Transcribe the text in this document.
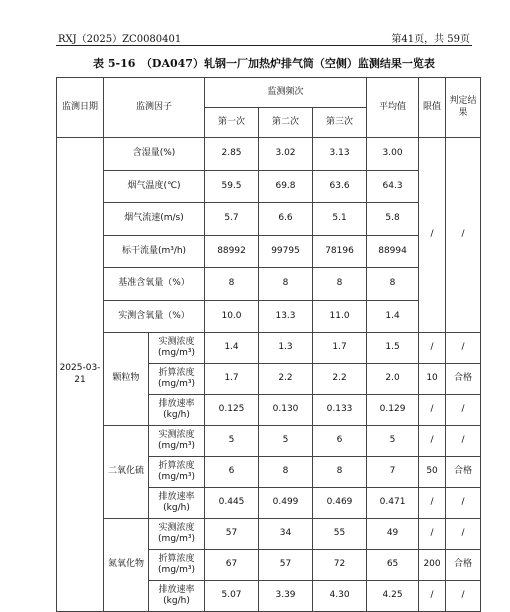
RXJ（2025）ZC0080401	第41页，共 59页
表 5-16　（DA047）轧钢一厂加热炉排气筒（空侧）监测结果一览表
监测日期	监测因子		监测频次			平均值	限值	判定结果
			第一次	第二次	第三次			
2025-03-21	含湿量(%)		2.85	3.02	3.13	3.00	/	/
	烟气温度(℃)		59.5	69.8	63.6	64.3		
	烟气流速(m/s)		5.7	6.6	5.1	5.8		
	标干流量(m³/h)		88992	99795	78196	88994		
	基准含氧量（%）		8	8	8	8		
	实测含氧量（%）		10.0	13.3	11.0	1.4		
	颗粒物	实测浓度
(mg/m³)	1.4	1.3	1.7	1.5	/	/
		折算浓度
(mg/m³)	1.7	2.2	2.2	2.0	10	合格
		排放速率
(kg/h)	0.125	0.130	0.133	0.129	/	/
	二氧化硫	实测浓度
(mg/m³)	5	5	6	5	/	/
		折算浓度
(mg/m³)	6	8	8	7	50	合格
		排放速率
(kg/h)	0.445	0.499	0.469	0.471	/	/
	氮氧化物	实测浓度
(mg/m³)	57	34	55	49	/	/
		折算浓度
(mg/m³)	67	57	72	65	200	合格
		排放速率
(kg/h)	5.07	3.39	4.30	4.25	/	/
